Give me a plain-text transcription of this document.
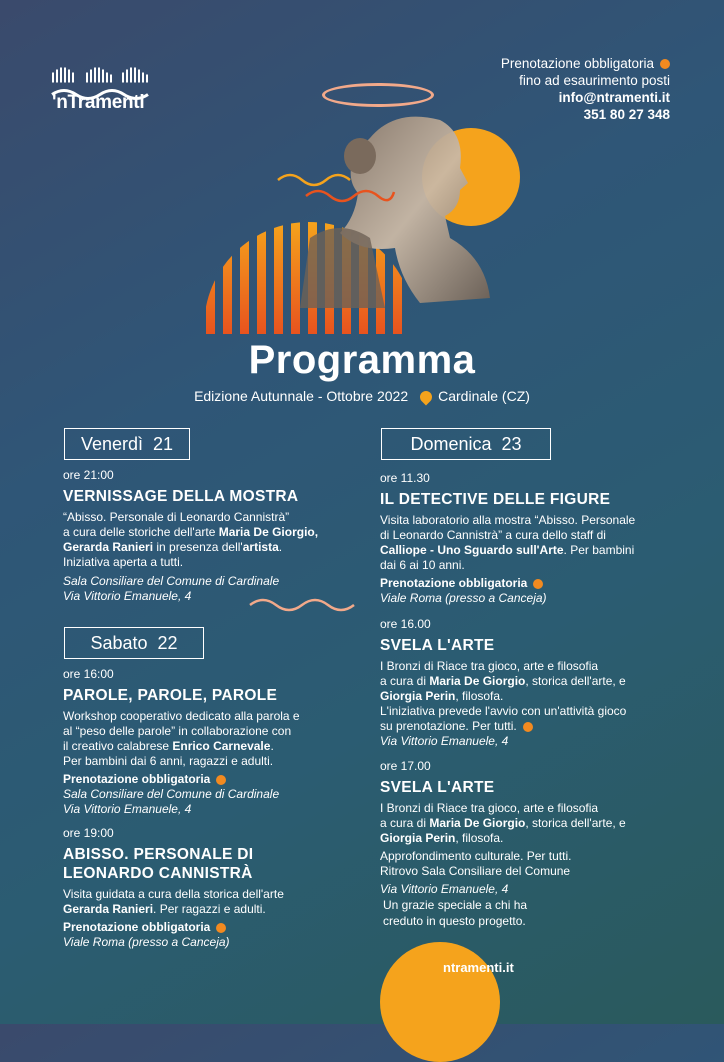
'nTramenti
Prenotazione obbligatoria
fino ad esaurimento posti
info@ntramenti.it
351 80 27 348
Programma
Edizione Autunnale - Ottobre 2022 Cardinale (CZ)
Venerdì 21
ore 21:00
VERNISSAGE DELLA MOSTRA
“Abisso. Personale di Leonardo Cannistrà”
a cura delle storiche dell'arte Maria De Giorgio,
Gerarda Ranieri in presenza dell'artista.
Iniziativa aperta a tutti.
Sala Consiliare del Comune di Cardinale
Via Vittorio Emanuele, 4
Sabato 22
ore 16:00
PAROLE, PAROLE, PAROLE
Workshop cooperativo dedicato alla parola e
al “peso delle parole” in collaborazione con
il creativo calabrese Enrico Carnevale.
Per bambini dai 6 anni, ragazzi e adulti.
Prenotazione obbligatoria
Sala Consiliare del Comune di Cardinale
Via Vittorio Emanuele, 4
ore 19:00
ABISSO. PERSONALE DI
LEONARDO CANNISTRÀ
Visita guidata a cura della storica dell'arte
Gerarda Ranieri. Per ragazzi e adulti.
Prenotazione obbligatoria
Viale Roma (presso a Canceja)
Domenica 23
ore 11.30
IL DETECTIVE DELLE FIGURE
Visita laboratorio alla mostra “Abisso. Personale
di Leonardo Cannistrà” a cura dello staff di
Calliope - Uno Sguardo sull'Arte. Per bambini
dai 6 ai 10 anni.
Prenotazione obbligatoria
Viale Roma (presso a Canceja)
ore 16.00
SVELA L'ARTE
I Bronzi di Riace tra gioco, arte e filosofia
a cura di Maria De Giorgio, storica dell'arte, e
Giorgia Perin, filosofa.
L'iniziativa prevede l'avvio con un'attività gioco
su prenotazione. Per tutti.
Via Vittorio Emanuele, 4
ore 17.00
SVELA L'ARTE
I Bronzi di Riace tra gioco, arte e filosofia
a cura di Maria De Giorgio, storica dell'arte, e
Giorgia Perin, filosofa.
Approfondimento culturale. Per tutti.
Ritrovo Sala Consiliare del Comune
Via Vittorio Emanuele, 4
Un grazie speciale a chi ha
creduto in questo progetto.
ntramenti.it
